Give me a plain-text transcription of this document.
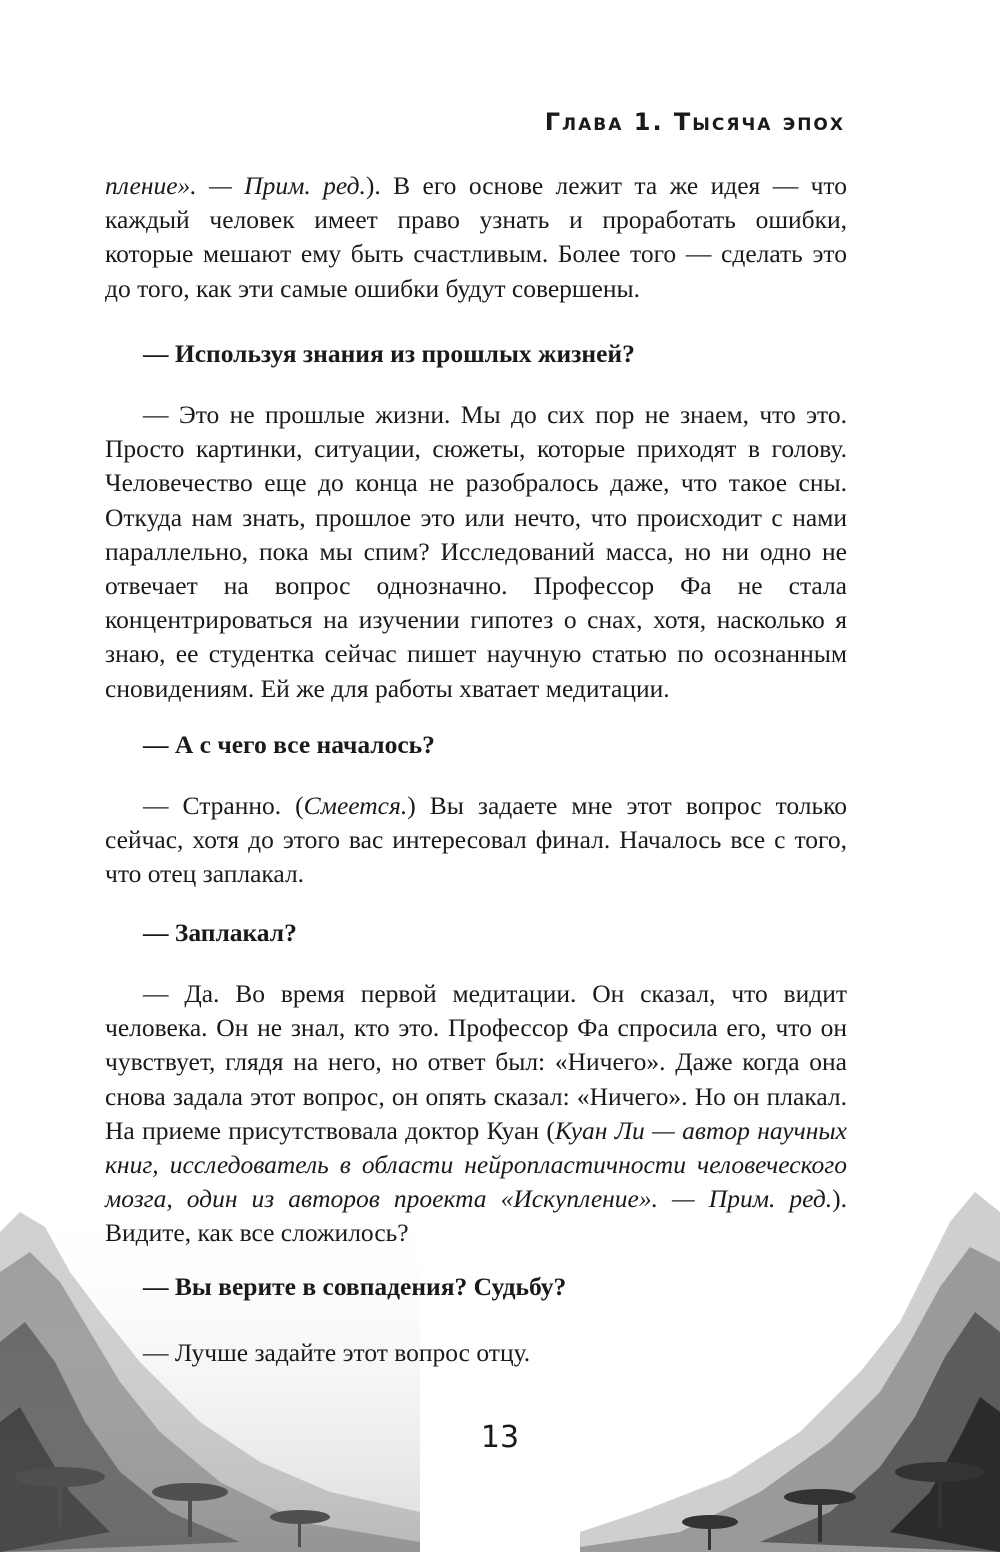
Глава 1. Тысяча эпох

пление». — Прим. ред.). В его основе лежит та же идея — что каждый человек имеет право узнать и проработать ошибки, которые мешают ему быть счастливым. Более того — сделать это до того, как эти самые ошибки будут совершены.

— Используя знания из прошлых жизней?

— Это не прошлые жизни. Мы до сих пор не знаем, что это. Просто картинки, ситуации, сюжеты, которые приходят в голову. Человечество еще до конца не разобралось даже, что такое сны. Откуда нам знать, прошлое это или нечто, что происходит с нами параллельно, пока мы спим? Исследований масса, но ни одно не отвечает на вопрос однозначно. Профессор Фа не стала концентрироваться на изучении гипотез о снах, хотя, насколько я знаю, ее студентка сейчас пишет научную статью по осознанным сновидениям. Ей же для работы хватает медитации.

— А с чего все началось?

— Странно. (Смеется.) Вы задаете мне этот вопрос только сейчас, хотя до этого вас интересовал финал. Началось все с того, что отец заплакал.

— Заплакал?

— Да. Во время первой медитации. Он сказал, что видит человека. Он не знал, кто это. Профессор Фа спросила его, что он чувствует, глядя на него, но ответ был: «Ничего». Даже когда она снова задала этот вопрос, он опять сказал: «Ничего». Но он плакал. На приеме присутствовала доктор Куан (Куан Ли — автор научных книг, исследователь в области нейропластичности человеческого мозга, один из авторов проекта «Искупление». — Прим. ред.). Видите, как все сложилось?

— Вы верите в совпадения? Судьбу?

— Лучше задайте этот вопрос отцу.

13
